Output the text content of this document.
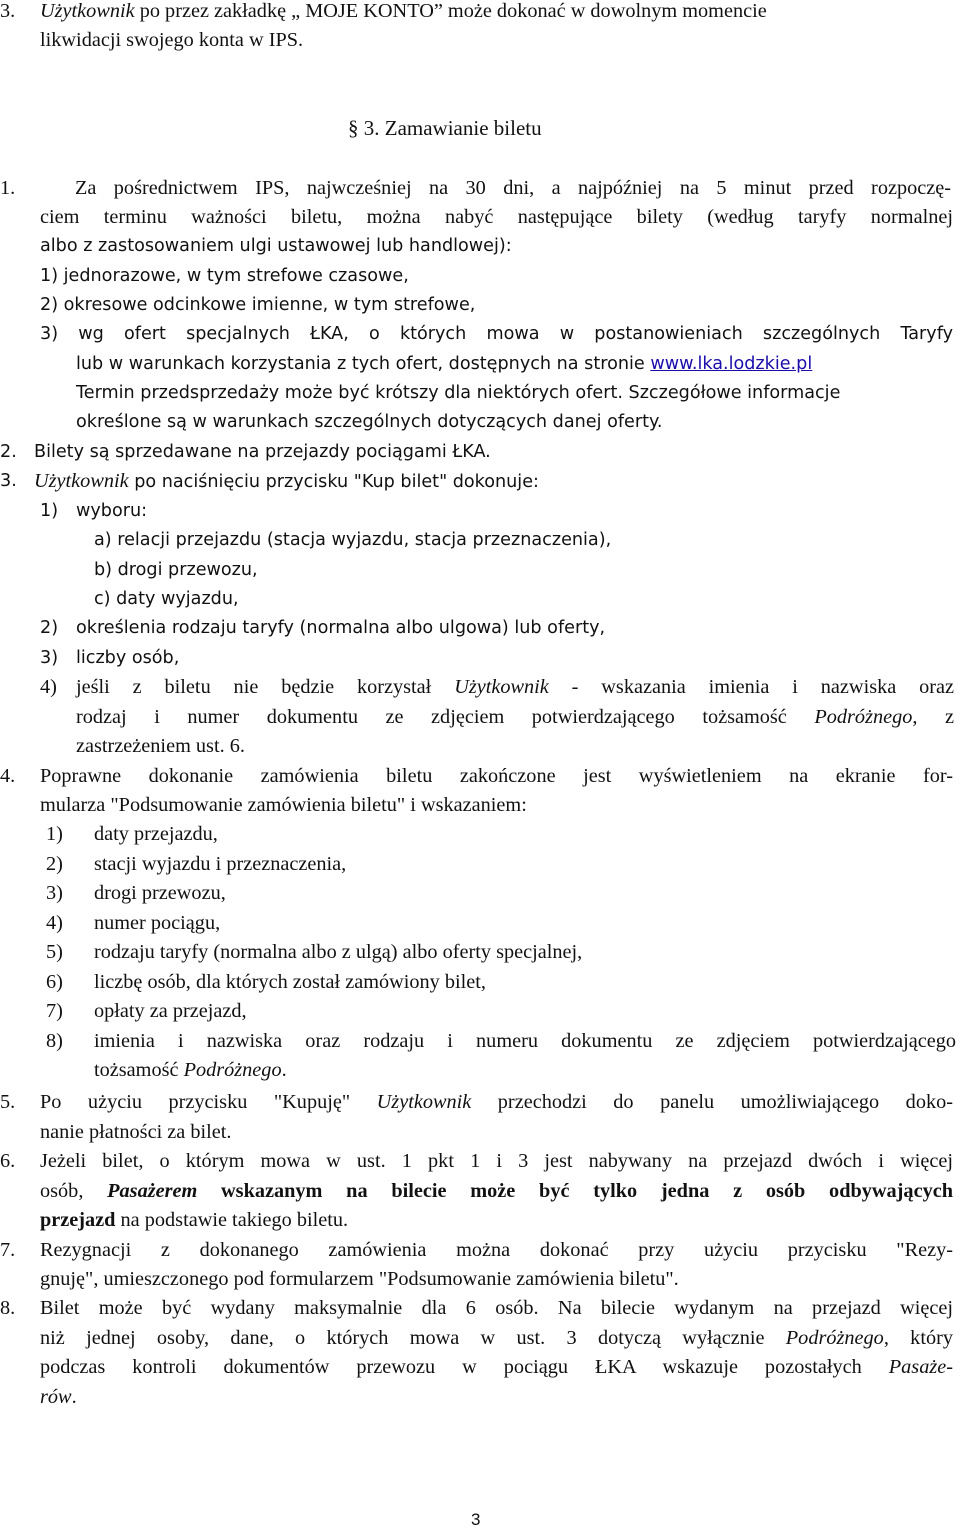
3. Użytkownik po przez zakładkę „ MOJE KONTO” może dokonać w dowolnym momencie
likwidacji swojego konta w IPS.
§ 3. Zamawianie biletu
1.	Za pośrednictwem IPS, najwcześniej na 30 dni, a najpóźniej na 5 minut przed rozpoczę-
ciem terminu ważności biletu, można nabyć następujące bilety (według taryfy normalnej
albo z zastosowaniem ulgi ustawowej lub handlowej):
1) jednorazowe, w tym strefowe czasowe,
2) okresowe odcinkowe imienne, w tym strefowe,
3) wg ofert specjalnych ŁKA, o których mowa w postanowieniach szczególnych Taryfy
lub w warunkach korzystania z tych ofert, dostępnych na stronie www.lka.lodzkie.pl
Termin przedsprzedaży może być krótszy dla niektórych ofert. Szczegółowe informacje
określone są w warunkach szczególnych dotyczących danej oferty.
2. Bilety są sprzedawane na przejazdy pociągami ŁKA.
3. Użytkownik po naciśnięciu przycisku "Kup bilet" dokonuje:
1) wyboru:
a) relacji przejazdu (stacja wyjazdu, stacja przeznaczenia),
b) drogi przewozu,
c) daty wyjazdu,
2) określenia rodzaju taryfy (normalna albo ulgowa) lub oferty,
3) liczby osób,
4) jeśli z biletu nie będzie korzystał Użytkownik - wskazania imienia i nazwiska oraz
rodzaj i numer dokumentu ze zdjęciem potwierdzającego tożsamość Podróżnego, z
zastrzeżeniem ust. 6.
4. Poprawne dokonanie zamówienia biletu zakończone jest wyświetleniem na ekranie for-
mularza "Podsumowanie zamówienia biletu" i wskazaniem:
1) daty przejazdu,
2) stacji wyjazdu i przeznaczenia,
3) drogi przewozu,
4) numer pociągu,
5) rodzaju taryfy (normalna albo z ulgą) albo oferty specjalnej,
6) liczbę osób, dla których został zamówiony bilet,
7) opłaty za przejazd,
8) imienia i nazwiska oraz rodzaju i numeru dokumentu ze zdjęciem potwierdzającego
tożsamość Podróżnego.
5. Po użyciu przycisku "Kupuję" Użytkownik przechodzi do panelu umożliwiającego doko-
nanie płatności za bilet.
6. Jeżeli bilet, o którym mowa w ust. 1 pkt 1 i 3 jest nabywany na przejazd dwóch i więcej
osób, Pasażerem wskazanym na bilecie może być tylko jedna z osób odbywających
przejazd na podstawie takiego biletu.
7. Rezygnacji z dokonanego zamówienia można dokonać przy użyciu przycisku "Rezy-
gnuję", umieszczonego pod formularzem "Podsumowanie zamówienia biletu".
8. Bilet może być wydany maksymalnie dla 6 osób. Na bilecie wydanym na przejazd więcej
niż jednej osoby, dane, o których mowa w ust. 3 dotyczą wyłącznie Podróżnego, który
podczas kontroli dokumentów przewozu w pociągu ŁKA wskazuje pozostałych Pasaże-
rów.
3
